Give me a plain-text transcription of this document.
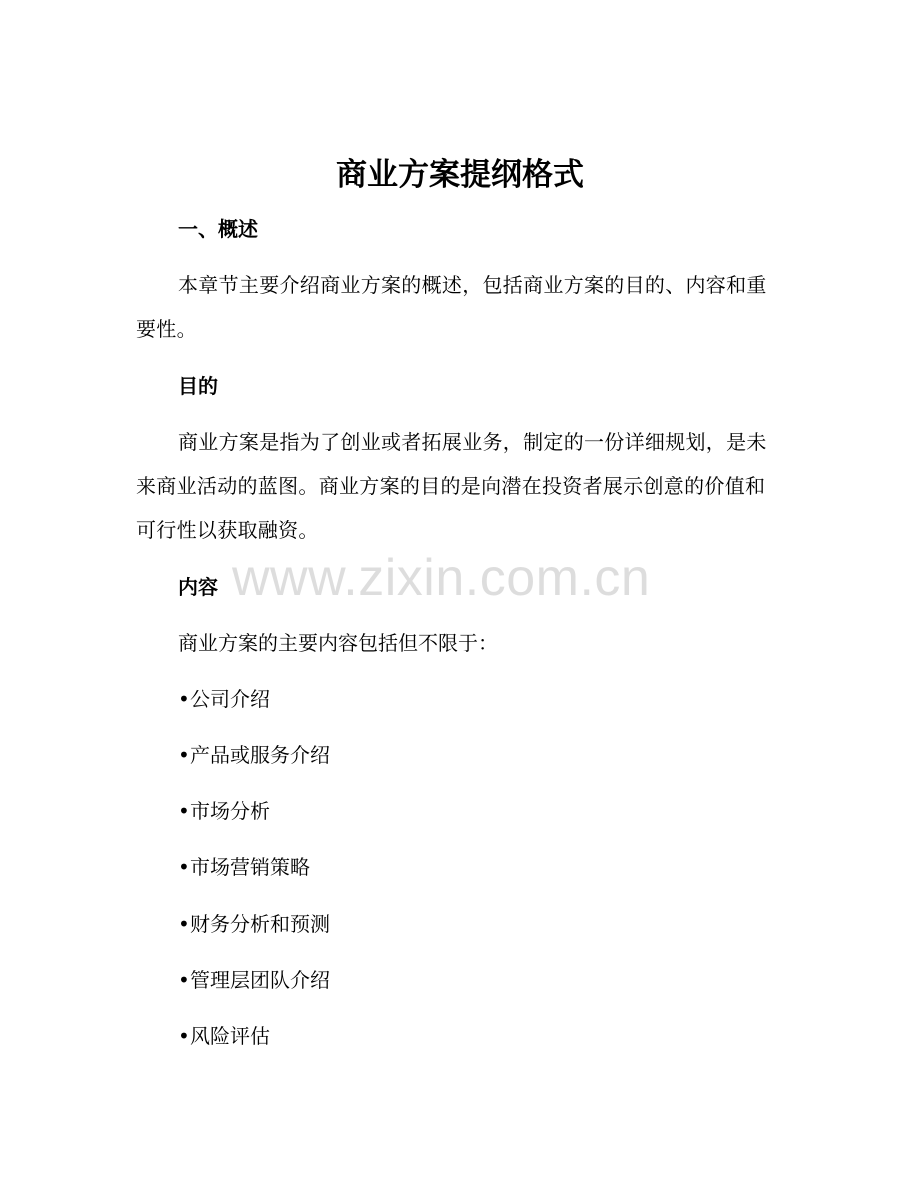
商业方案提纲格式
一、概述

本章节主要介绍商业方案的概述，包括商业方案的目的、内容和重要性。

目的

商业方案是指为了创业或者拓展业务，制定的一份详细规划，是未来商业活动的蓝图。商业方案的目的是向潜在投资者展示创意的价值和可行性以获取融资。

内容

商业方案的主要内容包括但不限于：

•公司介绍
•产品或服务介绍
•市场分析
•市场营销策略
•财务分析和预测
•管理层团队介绍
•风险评估
www.zixin.com.cn
